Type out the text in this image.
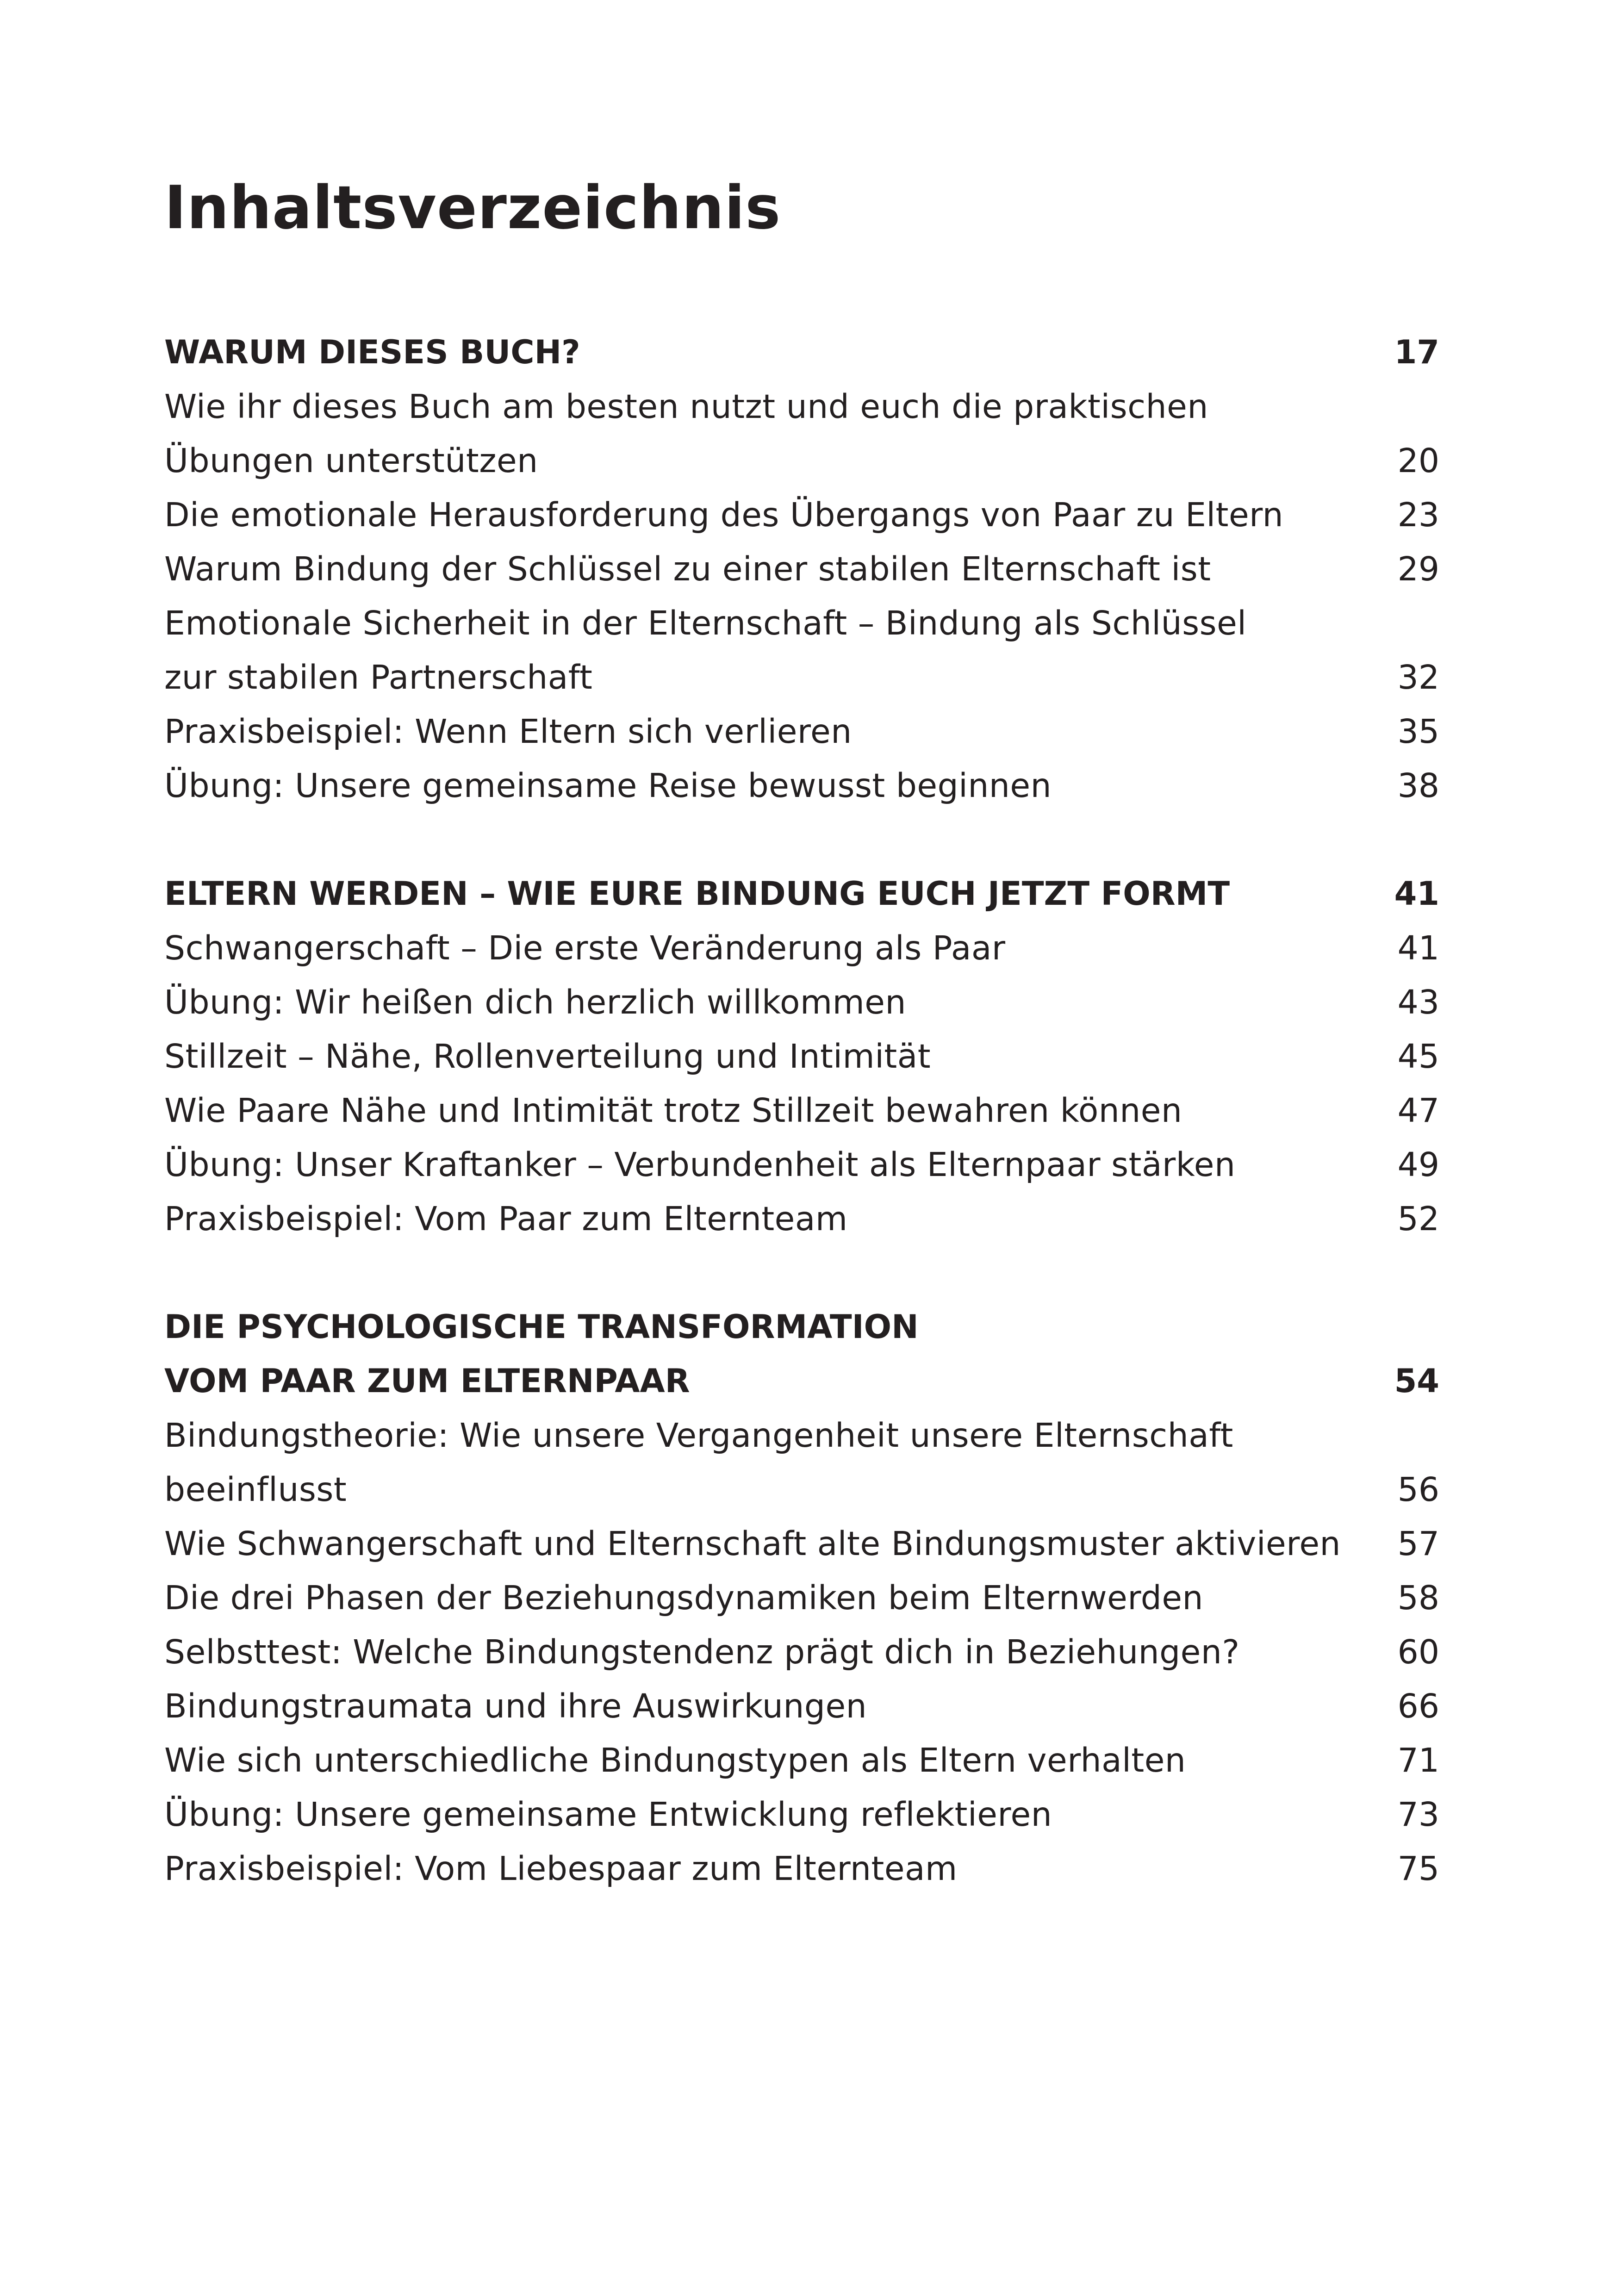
Inhaltsverzeichnis
WARUM DIESES BUCH?	17
Wie ihr dieses Buch am besten nutzt und euch die praktischen
Übungen unterstützen	20
Die emotionale Herausforderung des Übergangs von Paar zu Eltern	23
Warum Bindung der Schlüssel zu einer stabilen Elternschaft ist	29
Emotionale Sicherheit in der Elternschaft – Bindung als Schlüssel
zur stabilen Partnerschaft	32
Praxisbeispiel: Wenn Eltern sich verlieren	35
Übung: Unsere gemeinsame Reise bewusst beginnen	38
ELTERN WERDEN – WIE EURE BINDUNG EUCH JETZT FORMT	41
Schwangerschaft – Die erste Veränderung als Paar	41
Übung: Wir heißen dich herzlich willkommen	43
Stillzeit – Nähe, Rollenverteilung und Intimität	45
Wie Paare Nähe und Intimität trotz Stillzeit bewahren können	47
Übung: Unser Kraftanker – Verbundenheit als Elternpaar stärken	49
Praxisbeispiel: Vom Paar zum Elternteam	52
DIE PSYCHOLOGISCHE TRANSFORMATION
VOM PAAR ZUM ELTERNPAAR	54
Bindungstheorie: Wie unsere Vergangenheit unsere Elternschaft
beeinflusst	56
Wie Schwangerschaft und Elternschaft alte Bindungsmuster aktivieren 57
Die drei Phasen der Beziehungsdynamiken beim Elternwerden	58
Selbsttest: Welche Bindungstendenz prägt dich in Beziehungen?	60
Bindungstraumata und ihre Auswirkungen	66
Wie sich unterschiedliche Bindungstypen als Eltern verhalten	71
Übung: Unsere gemeinsame Entwicklung reflektieren	73
Praxisbeispiel: Vom Liebespaar zum Elternteam	75
